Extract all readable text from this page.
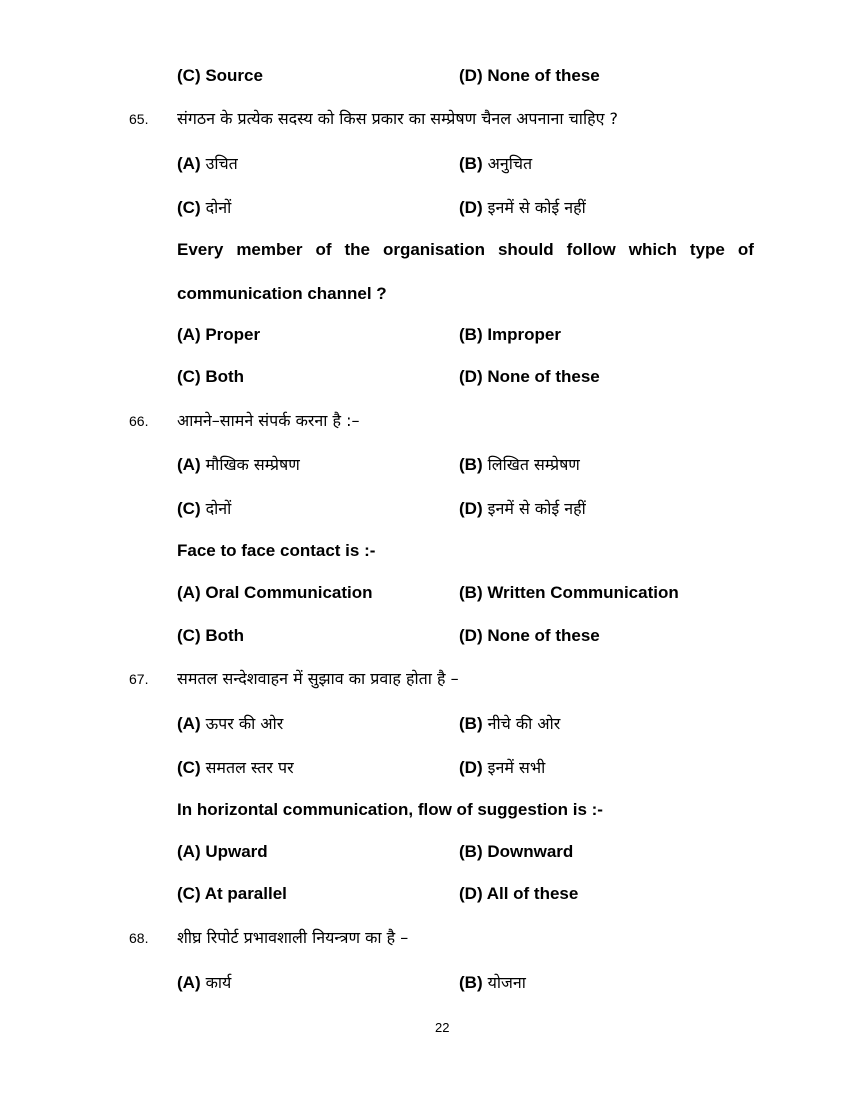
(C) Source	(D) None of these
65. संगठन के प्रत्येक सदस्य को किस प्रकार का सम्प्रेषण चैनल अपनाना चाहिए ?
(A) उचित	(B) अनुचित
(C) दोनों	(D) इनमें से कोई नहीं
Every member of the organisation should follow which type of
communication channel ?
(A) Proper	(B) Improper
(C) Both	(D) None of these
66. आमने–सामने संपर्क करना है :–
(A) मौखिक सम्प्रेषण	(B) लिखित सम्प्रेषण
(C) दोनों	(D) इनमें से कोई नहीं
Face to face contact is :-
(A) Oral Communication	(B) Written Communication
(C) Both	(D) None of these
67. समतल सन्देशवाहन में सुझाव का प्रवाह होता है –
(A) ऊपर की ओर	(B) नीचे की ओर
(C) समतल स्तर पर	(D) इनमें सभी
In horizontal communication, flow of suggestion is :-
(A) Upward	(B) Downward
(C) At parallel	(D) All of these
68. शीघ्र रिपोर्ट प्रभावशाली नियन्त्रण का है –
(A) कार्य	(B) योजना
22
